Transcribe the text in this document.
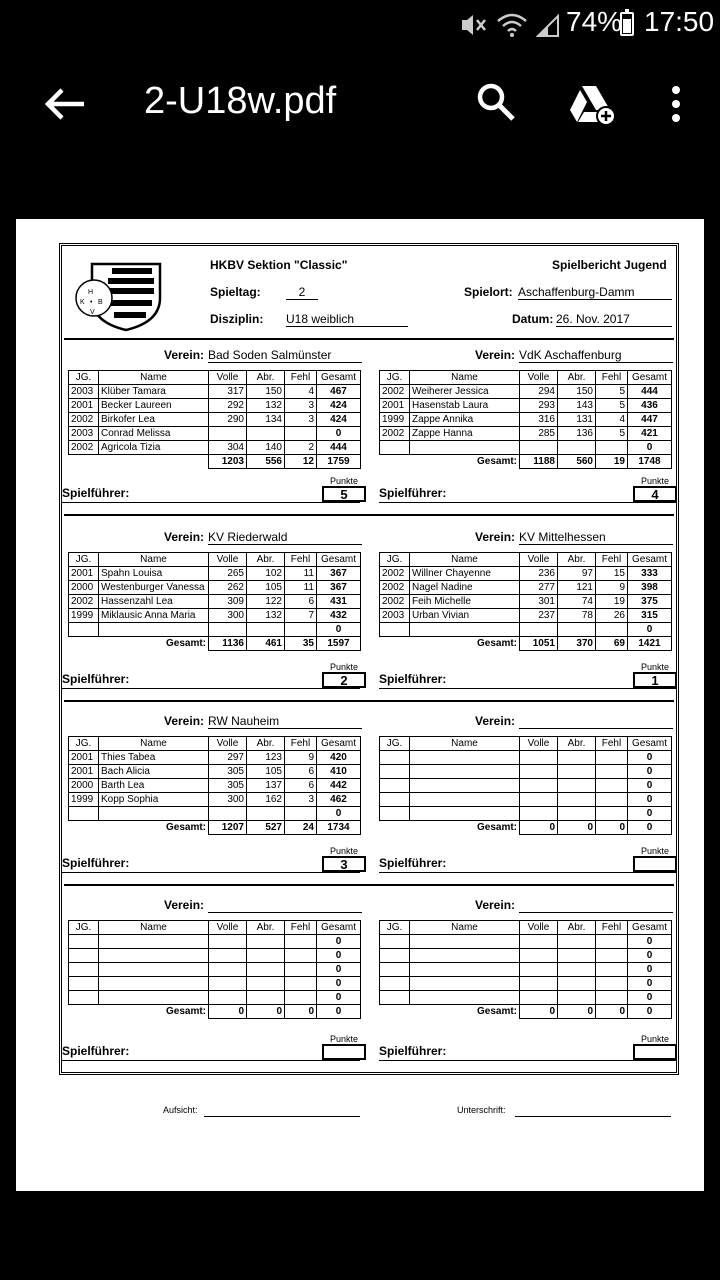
74% 17:50
2-U18w.pdf
H
K • B
V
HKBV Sektion "Classic"	Spielbericht Jugend
Spieltag:	2	Spielort: Aschaffenburg-Damm
Disziplin: U18 weiblich	Datum: 26. Nov. 2017
Verein: Bad Soden Salmünster
JG.	Name	Volle	Abr.	Fehl	Gesamt
2003	Klüber Tamara	317	150	4	467
2001	Becker Laureen	292	132	3	424
2002	Birkofer Lea	290	134	3	424
2003	Conrad Melissa				0
2002	Agricola Tizia	304	140	2	444
		1203	556	12	1759
Punkte
5
Spielführer:
Verein: VdK Aschaffenburg
JG.	Name	Volle	Abr.	Fehl	Gesamt
2002	Weiherer Jessica	294	150	5	444
2001	Hasenstab Laura	293	143	5	436
1999	Zappe Annika	316	131	4	447
2002	Zappe Hanna	285	136	5	421
					0
Gesamt:		1188	560	19	1748
Punkte
4
Spielführer:
Verein: KV Riederwald
JG.	Name	Volle	Abr.	Fehl	Gesamt
2001	Spahn Louisa	265	102	11	367
2000	Westenburger Vanessa	262	105	11	367
2002	Hassenzahl Lea	309	122	6	431
1999	Miklausic Anna Maria	300	132	7	432
					0
Gesamt:		1136	461	35	1597
Punkte
2
Spielführer:
Verein: KV Mittelhessen
JG.	Name	Volle	Abr.	Fehl	Gesamt
2002	Willner Chayenne	236	97	15	333
2002	Nagel Nadine	277	121	9	398
2002	Feih Michelle	301	74	19	375
2003	Urban Vivian	237	78	26	315
					0
Gesamt:		1051	370	69	1421
Punkte
1
Spielführer:
Verein: RW Nauheim
JG.	Name	Volle	Abr.	Fehl	Gesamt
2001	Thies Tabea	297	123	9	420
2001	Bach Alicia	305	105	6	410
2000	Barth Lea	305	137	6	442
1999	Kopp Sophia	300	162	3	462
					0
Gesamt:		1207	527	24	1734
Punkte
3
Spielführer:
Verein:
JG.	Name	Volle	Abr.	Fehl	Gesamt
					0
					0
					0
					0
					0
Gesamt:		0	0	0	0
Punkte
Spielführer:
Verein:
JG.	Name	Volle	Abr.	Fehl	Gesamt
					0
					0
					0
					0
					0
Gesamt:		0	0	0	0
Punkte
Spielführer:
Verein:
JG.	Name	Volle	Abr.	Fehl	Gesamt
					0
					0
					0
					0
					0
Gesamt:		0	0	0	0
Punkte
Spielführer:
Aufsicht:	Unterschrift:
